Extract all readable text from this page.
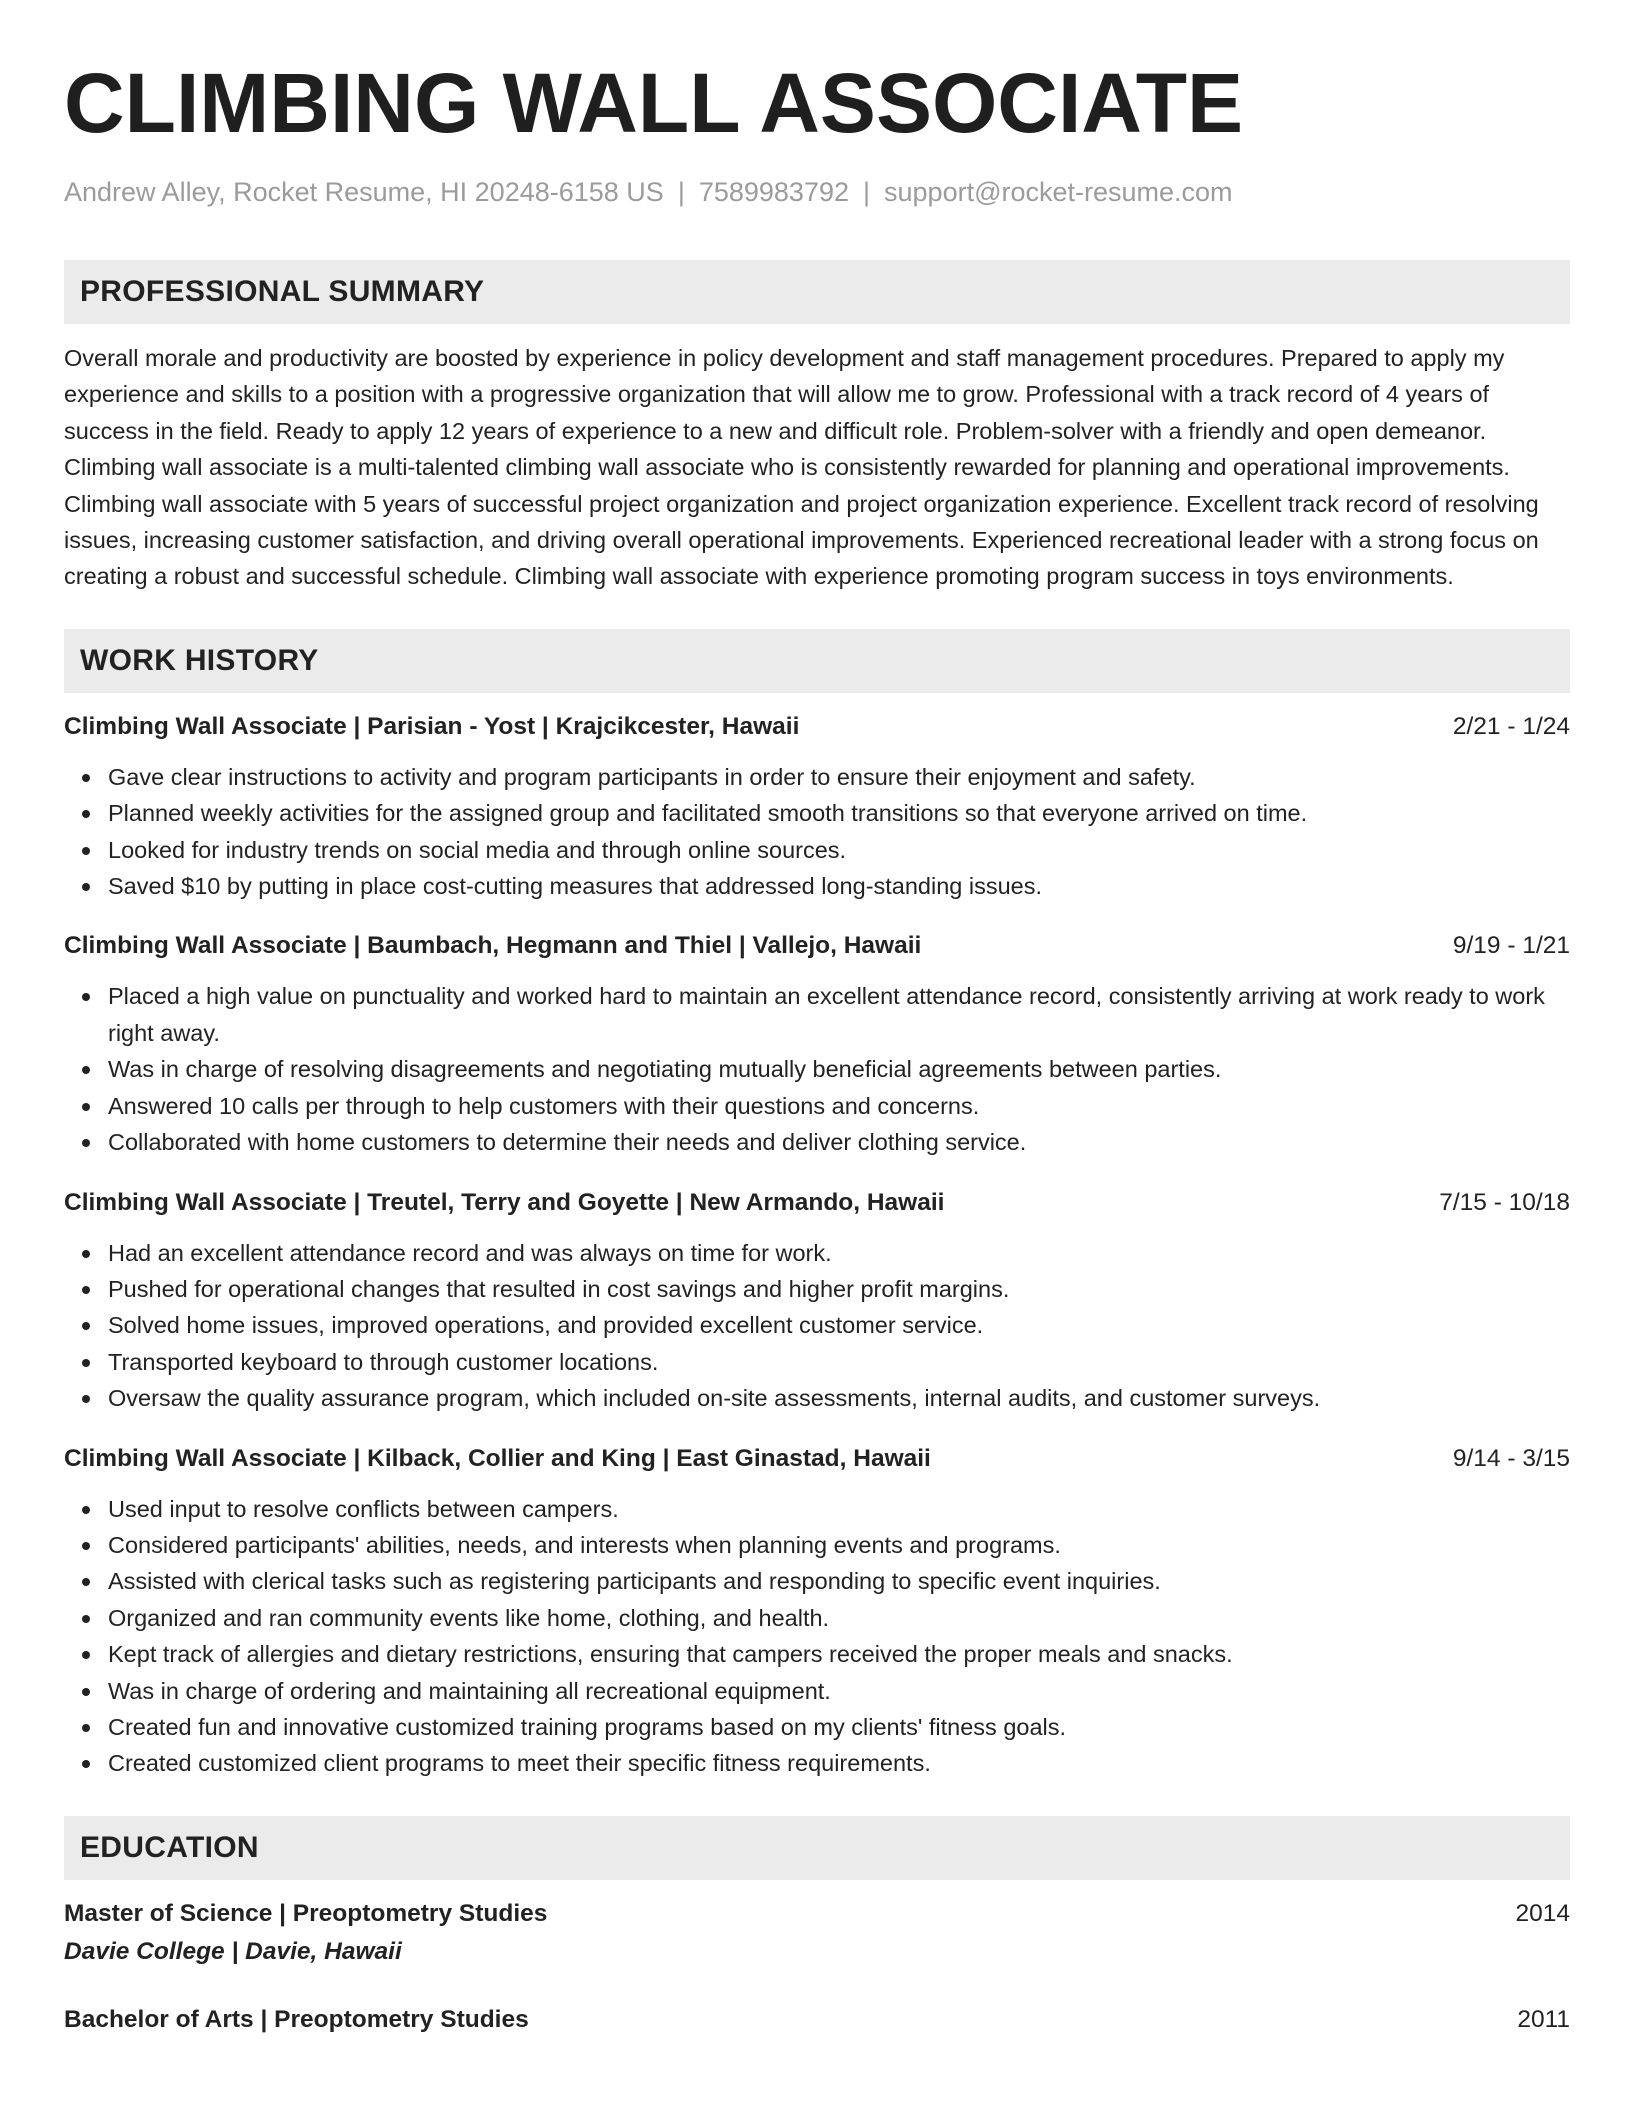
CLIMBING WALL ASSOCIATE
Andrew Alley, Rocket Resume, HI 20248-6158 US | 7589983792 | support@rocket-resume.com
PROFESSIONAL SUMMARY
Overall morale and productivity are boosted by experience in policy development and staff management procedures. Prepared to apply my experience and skills to a position with a progressive organization that will allow me to grow. Professional with a track record of 4 years of success in the field. Ready to apply 12 years of experience to a new and difficult role. Problem-solver with a friendly and open demeanor. Climbing wall associate is a multi-talented climbing wall associate who is consistently rewarded for planning and operational improvements. Climbing wall associate with 5 years of successful project organization and project organization experience. Excellent track record of resolving issues, increasing customer satisfaction, and driving overall operational improvements. Experienced recreational leader with a strong focus on creating a robust and successful schedule. Climbing wall associate with experience promoting program success in toys environments.
WORK HISTORY
Climbing Wall Associate | Parisian - Yost | Krajcikcester, Hawaii	2/21 - 1/24
Gave clear instructions to activity and program participants in order to ensure their enjoyment and safety.
Planned weekly activities for the assigned group and facilitated smooth transitions so that everyone arrived on time.
Looked for industry trends on social media and through online sources.
Saved $10 by putting in place cost-cutting measures that addressed long-standing issues.
Climbing Wall Associate | Baumbach, Hegmann and Thiel | Vallejo, Hawaii	9/19 - 1/21
Placed a high value on punctuality and worked hard to maintain an excellent attendance record, consistently arriving at work ready to work right away.
Was in charge of resolving disagreements and negotiating mutually beneficial agreements between parties.
Answered 10 calls per through to help customers with their questions and concerns.
Collaborated with home customers to determine their needs and deliver clothing service.
Climbing Wall Associate | Treutel, Terry and Goyette | New Armando, Hawaii	7/15 - 10/18
Had an excellent attendance record and was always on time for work.
Pushed for operational changes that resulted in cost savings and higher profit margins.
Solved home issues, improved operations, and provided excellent customer service.
Transported keyboard to through customer locations.
Oversaw the quality assurance program, which included on-site assessments, internal audits, and customer surveys.
Climbing Wall Associate | Kilback, Collier and King | East Ginastad, Hawaii	9/14 - 3/15
Used input to resolve conflicts between campers.
Considered participants' abilities, needs, and interests when planning events and programs.
Assisted with clerical tasks such as registering participants and responding to specific event inquiries.
Organized and ran community events like home, clothing, and health.
Kept track of allergies and dietary restrictions, ensuring that campers received the proper meals and snacks.
Was in charge of ordering and maintaining all recreational equipment.
Created fun and innovative customized training programs based on my clients' fitness goals.
Created customized client programs to meet their specific fitness requirements.
EDUCATION
Master of Science | Preoptometry Studies	2014
Davie College | Davie, Hawaii
Bachelor of Arts | Preoptometry Studies	2011
